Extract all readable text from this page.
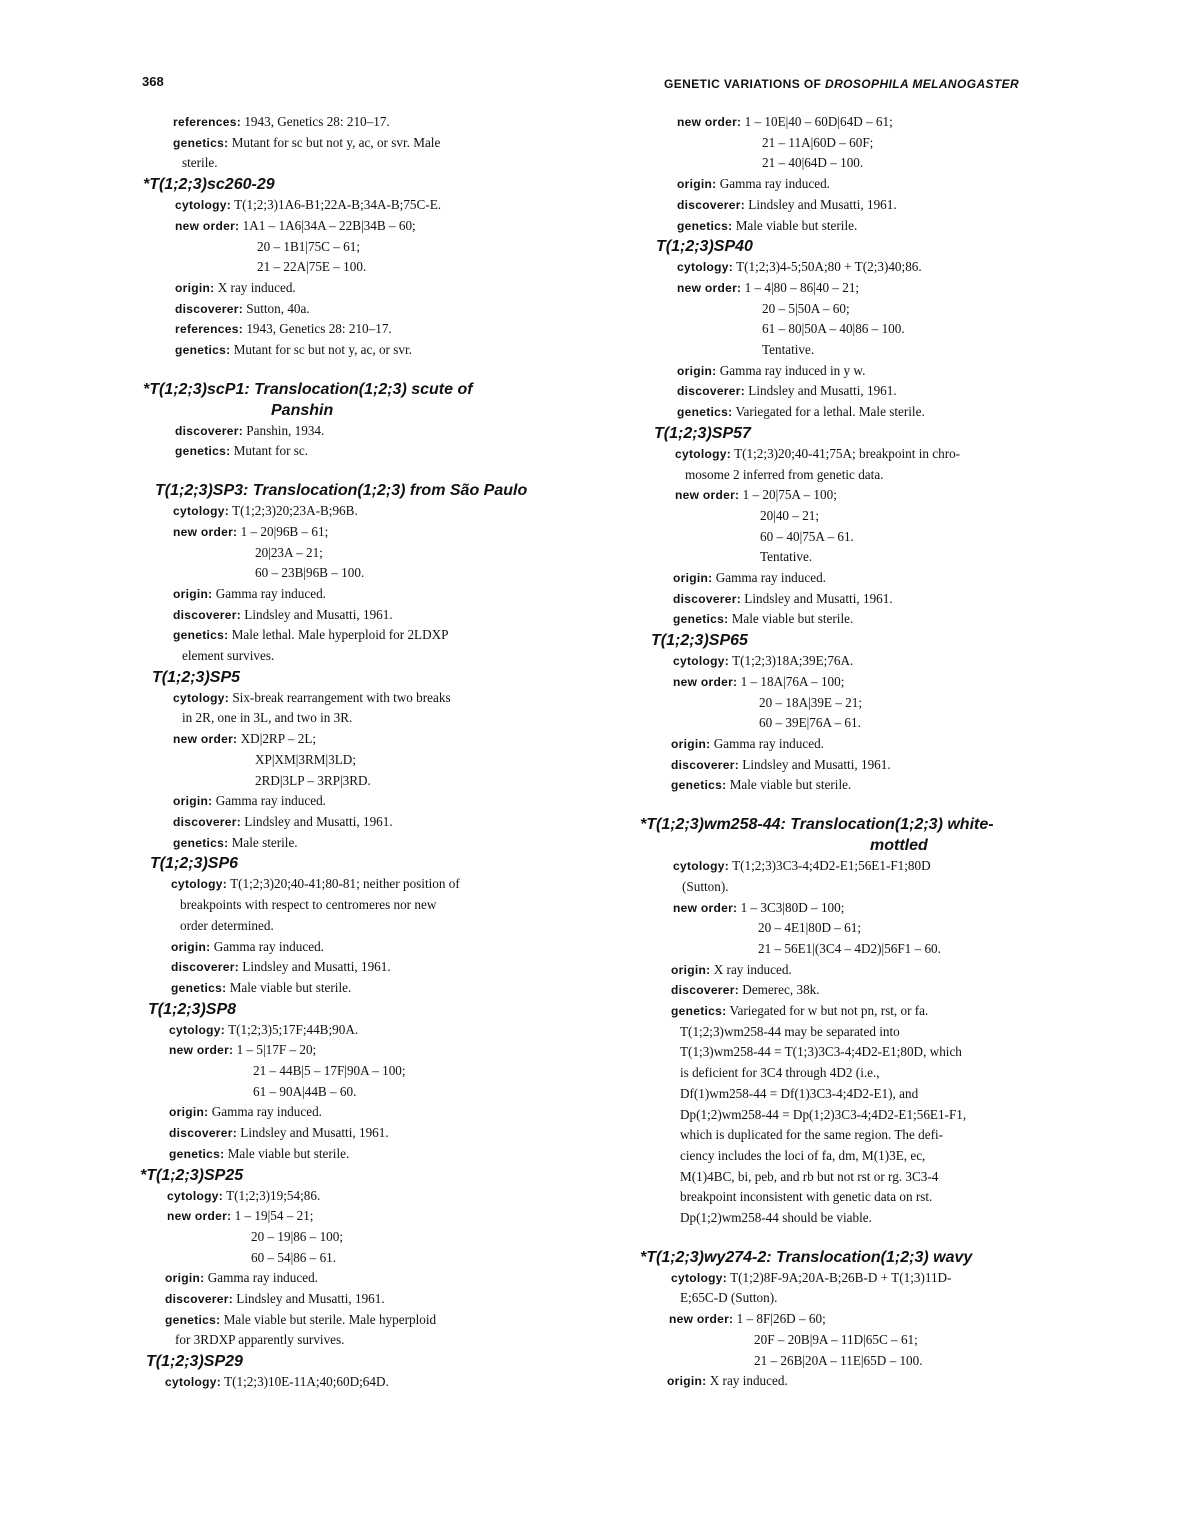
368	GENETIC VARIATIONS OF DROSOPHILA MELANOGASTER
references: 1943, Genetics 28: 210–17.
genetics: Mutant for sc but not y, ac, or svr. Male
sterile.
*T(1;2;3)sc260-29
cytology: T(1;2;3)1A6-B1;22A-B;34A-B;75C-E.
new order: 1A1 – 1A6|34A – 22B|34B – 60;
20 – 1B1|75C – 61;
21 – 22A|75E – 100.
origin: X ray induced.
discoverer: Sutton, 40a.
references: 1943, Genetics 28: 210–17.
genetics: Mutant for sc but not y, ac, or svr.
*T(1;2;3)scP1: Translocation(1;2;3) scute of
Panshin
discoverer: Panshin, 1934.
genetics: Mutant for sc.
T(1;2;3)SP3: Translocation(1;2;3) from São Paulo
cytology: T(1;2;3)20;23A-B;96B.
new order: 1 – 20|96B – 61;
20|23A – 21;
60 – 23B|96B – 100.
origin: Gamma ray induced.
discoverer: Lindsley and Musatti, 1961.
genetics: Male lethal. Male hyperploid for 2LDXP
element survives.
T(1;2;3)SP5
cytology: Six-break rearrangement with two breaks
in 2R, one in 3L, and two in 3R.
new order: XD|2RP – 2L;
XP|XM|3RM|3LD;
2RD|3LP – 3RP|3RD.
origin: Gamma ray induced.
discoverer: Lindsley and Musatti, 1961.
genetics: Male sterile.
T(1;2;3)SP6
cytology: T(1;2;3)20;40-41;80-81; neither position of
breakpoints with respect to centromeres nor new
order determined.
origin: Gamma ray induced.
discoverer: Lindsley and Musatti, 1961.
genetics: Male viable but sterile.
T(1;2;3)SP8
cytology: T(1;2;3)5;17F;44B;90A.
new order: 1 – 5|17F – 20;
21 – 44B|5 – 17F|90A – 100;
61 – 90A|44B – 60.
origin: Gamma ray induced.
discoverer: Lindsley and Musatti, 1961.
genetics: Male viable but sterile.
*T(1;2;3)SP25
cytology: T(1;2;3)19;54;86.
new order: 1 – 19|54 – 21;
20 – 19|86 – 100;
60 – 54|86 – 61.
origin: Gamma ray induced.
discoverer: Lindsley and Musatti, 1961.
genetics: Male viable but sterile. Male hyperploid
for 3RDXP apparently survives.
T(1;2;3)SP29
cytology: T(1;2;3)10E-11A;40;60D;64D.
new order: 1 – 10E|40 – 60D|64D – 61;
21 – 11A|60D – 60F;
21 – 40|64D – 100.
origin: Gamma ray induced.
discoverer: Lindsley and Musatti, 1961.
genetics: Male viable but sterile.
T(1;2;3)SP40
cytology: T(1;2;3)4-5;50A;80 + T(2;3)40;86.
new order: 1 – 4|80 – 86|40 – 21;
20 – 5|50A – 60;
61 – 80|50A – 40|86 – 100.
Tentative.
origin: Gamma ray induced in y w.
discoverer: Lindsley and Musatti, 1961.
genetics: Variegated for a lethal. Male sterile.
T(1;2;3)SP57
cytology: T(1;2;3)20;40-41;75A; breakpoint in chro-
mosome 2 inferred from genetic data.
new order: 1 – 20|75A – 100;
20|40 – 21;
60 – 40|75A – 61.
Tentative.
origin: Gamma ray induced.
discoverer: Lindsley and Musatti, 1961.
genetics: Male viable but sterile.
T(1;2;3)SP65
cytology: T(1;2;3)18A;39E;76A.
new order: 1 – 18A|76A – 100;
20 – 18A|39E – 21;
60 – 39E|76A – 61.
origin: Gamma ray induced.
discoverer: Lindsley and Musatti, 1961.
genetics: Male viable but sterile.
*T(1;2;3)wm258-44: Translocation(1;2;3) white-
mottled
cytology: T(1;2;3)3C3-4;4D2-E1;56E1-F1;80D
(Sutton).
new order: 1 – 3C3|80D – 100;
20 – 4E1|80D – 61;
21 – 56E1|(3C4 – 4D2)|56F1 – 60.
origin: X ray induced.
discoverer: Demerec, 38k.
genetics: Variegated for w but not pn, rst, or fa.
T(1;2;3)wm258-44 may be separated into
T(1;3)wm258-44 = T(1;3)3C3-4;4D2-E1;80D, which
is deficient for 3C4 through 4D2 (i.e.,
Df(1)wm258-44 = Df(1)3C3-4;4D2-E1), and
Dp(1;2)wm258-44 = Dp(1;2)3C3-4;4D2-E1;56E1-F1,
which is duplicated for the same region. The defi-
ciency includes the loci of fa, dm, M(1)3E, ec,
M(1)4BC, bi, peb, and rb but not rst or rg. 3C3-4
breakpoint inconsistent with genetic data on rst.
Dp(1;2)wm258-44 should be viable.
*T(1;2;3)wy274-2: Translocation(1;2;3) wavy
cytology: T(1;2)8F-9A;20A-B;26B-D + T(1;3)11D-
E;65C-D (Sutton).
new order: 1 – 8F|26D – 60;
20F – 20B|9A – 11D|65C – 61;
21 – 26B|20A – 11E|65D – 100.
origin: X ray induced.
